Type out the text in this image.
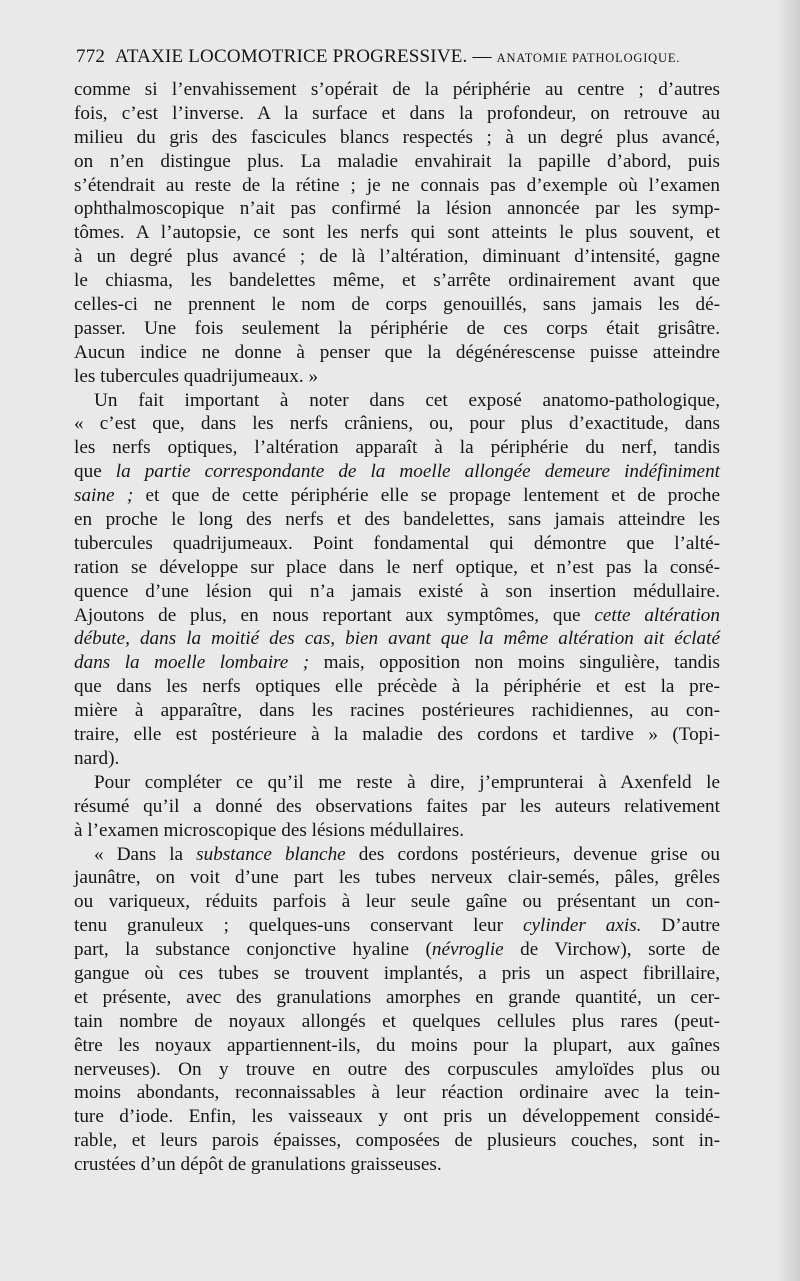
772 ATAXIE LOCOMOTRICE PROGRESSIVE. — ANATOMIE PATHOLOGIQUE.
comme si l’envahissement s’opérait de la périphérie au centre ; d’autres
fois, c’est l’inverse. A la surface et dans la profondeur, on retrouve au
milieu du gris des fascicules blancs respectés ; à un degré plus avancé,
on n’en distingue plus. La maladie envahirait la papille d’abord, puis
s’étendrait au reste de la rétine ; je ne connais pas d’exemple où l’examen
ophthalmoscopique n’ait pas confirmé la lésion annoncée par les symp-
tômes. A l’autopsie, ce sont les nerfs qui sont atteints le plus souvent, et
à un degré plus avancé ; de là l’altération, diminuant d’intensité, gagne
le chiasma, les bandelettes même, et s’arrête ordinairement avant que
celles-ci ne prennent le nom de corps genouillés, sans jamais les dé-
passer. Une fois seulement la périphérie de ces corps était grisâtre.
Aucun indice ne donne à penser que la dégénérescense puisse atteindre
les tubercules quadrijumeaux. »
Un fait important à noter dans cet exposé anatomo-pathologique,
« c’est que, dans les nerfs crâniens, ou, pour plus d’exactitude, dans
les nerfs optiques, l’altération apparaît à la périphérie du nerf, tandis
que la partie correspondante de la moelle allongée demeure indéfiniment
saine ; et que de cette périphérie elle se propage lentement et de proche
en proche le long des nerfs et des bandelettes, sans jamais atteindre les
tubercules quadrijumeaux. Point fondamental qui démontre que l’alté-
ration se développe sur place dans le nerf optique, et n’est pas la consé-
quence d’une lésion qui n’a jamais existé à son insertion médullaire.
Ajoutons de plus, en nous reportant aux symptômes, que cette altération
débute, dans la moitié des cas, bien avant que la même altération ait éclaté
dans la moelle lombaire ; mais, opposition non moins singulière, tandis
que dans les nerfs optiques elle précède à la périphérie et est la pre-
mière à apparaître, dans les racines postérieures rachidiennes, au con-
traire, elle est postérieure à la maladie des cordons et tardive » (Topi-
nard).
Pour compléter ce qu’il me reste à dire, j’emprunterai à Axenfeld le
résumé qu’il a donné des observations faites par les auteurs relativement
à l’examen microscopique des lésions médullaires.
« Dans la substance blanche des cordons postérieurs, devenue grise ou
jaunâtre, on voit d’une part les tubes nerveux clair-semés, pâles, grêles
ou variqueux, réduits parfois à leur seule gaîne ou présentant un con-
tenu granuleux ; quelques-uns conservant leur cylinder axis. D’autre
part, la substance conjonctive hyaline (névroglie de Virchow), sorte de
gangue où ces tubes se trouvent implantés, a pris un aspect fibrillaire,
et présente, avec des granulations amorphes en grande quantité, un cer-
tain nombre de noyaux allongés et quelques cellules plus rares (peut-
être les noyaux appartiennent-ils, du moins pour la plupart, aux gaînes
nerveuses). On y trouve en outre des corpuscules amyloïdes plus ou
moins abondants, reconnaissables à leur réaction ordinaire avec la tein-
ture d’iode. Enfin, les vaisseaux y ont pris un développement considé-
rable, et leurs parois épaisses, composées de plusieurs couches, sont in-
crustées d’un dépôt de granulations graisseuses.
